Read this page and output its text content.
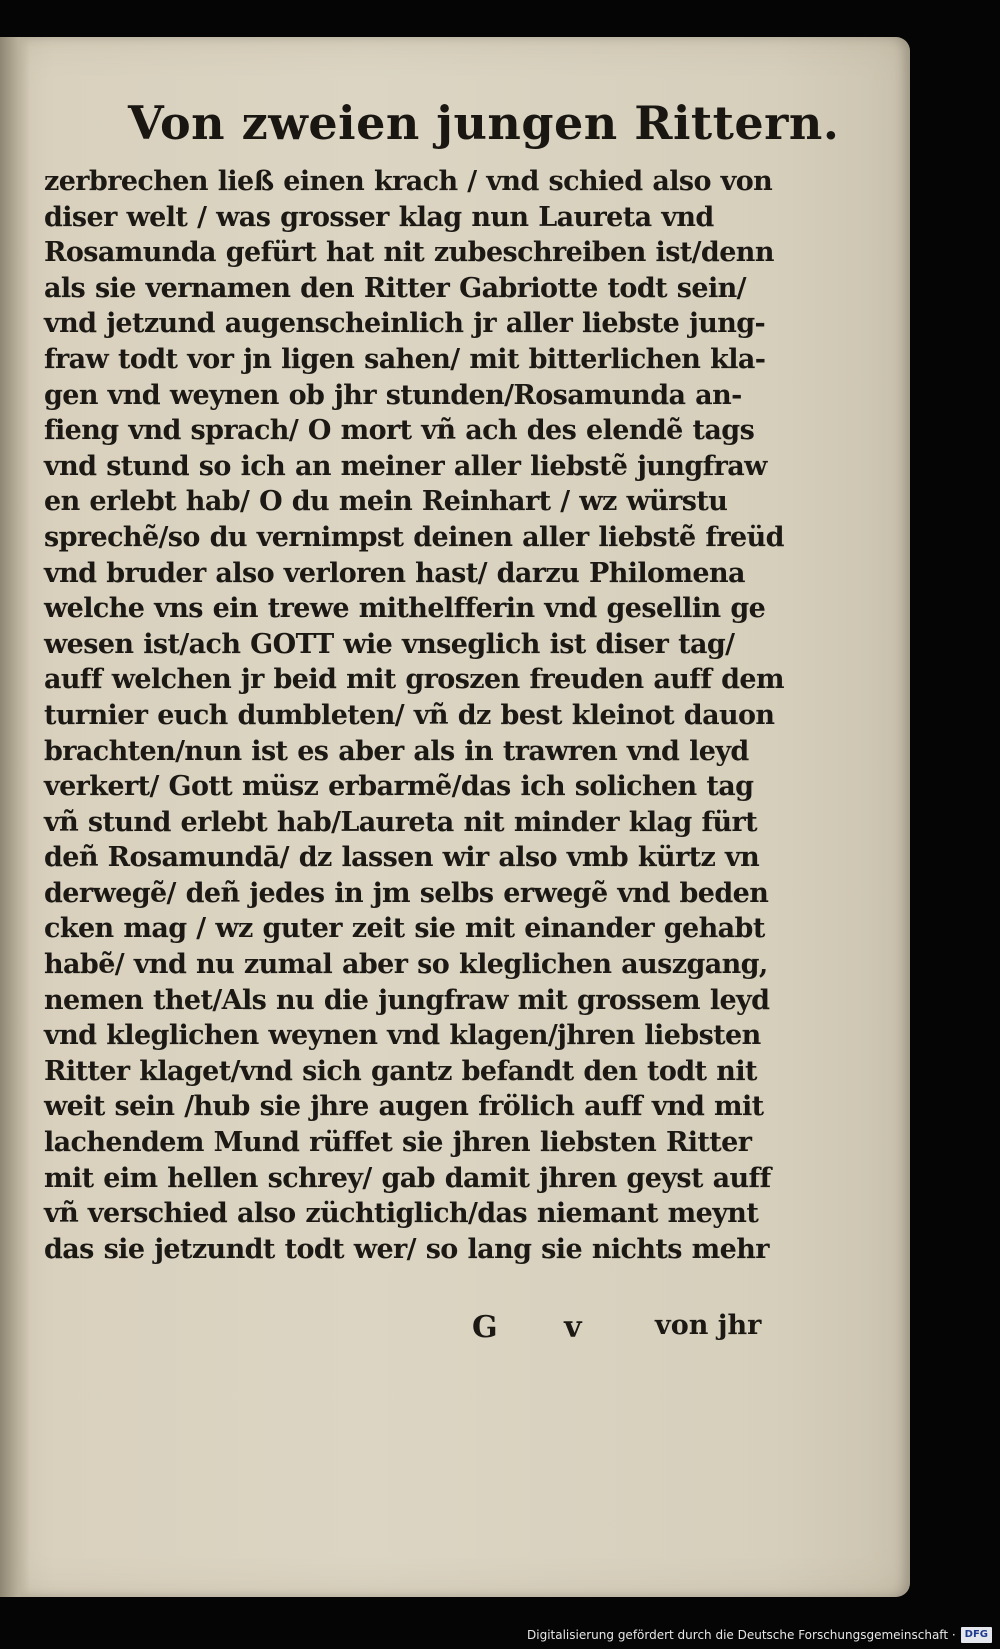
Von zweien jungen Rittern.
zerbrechen ließ einen krach / vnd schied also von
diser welt / was grosser klag nun Laureta vnd
Rosamunda gefürt hat nit zubeschreiben ist/denn
als sie vernamen den Ritter Gabriotte todt sein/
vnd jetzund augenscheinlich jr aller liebste jung-
fraw todt vor jn ligen sahen/ mit bitterlichen kla-
gen vnd weynen ob jhr stunden/Rosamunda an-
fieng vnd sprach/ O mort vñ ach des elendẽ tags
vnd stund so ich an meiner aller liebstẽ jungfraw
en erlebt hab/ O du mein Reinhart / wz würstu
sprechẽ/so du vernimpst deinen aller liebstẽ freüd
vnd bruder also verloren hast/ darzu Philomena
welche vns ein trewe mithelfferin vnd gesellin ge
wesen ist/ach GOTT wie vnseglich ist diser tag/
auff welchen jr beid mit groszen freuden auff dem
turnier euch dumbleten/ vñ dz best kleinot dauon
brachten/nun ist es aber als in trawren vnd leyd
verkert/ Gott müsz erbarmẽ/das ich solichen tag
vñ stund erlebt hab/Laureta nit minder klag fürt
deñ Rosamundā/ dz lassen wir also vmb kürtz vn
derwegẽ/ deñ jedes in jm selbs erwegẽ vnd beden
cken mag / wz guter zeit sie mit einander gehabt
habẽ/ vnd nu zumal aber so kleglichen auszgang,
nemen thet/Als nu die jungfraw mit grossem leyd
vnd kleglichen weynen vnd klagen/jhren liebsten
Ritter klaget/vnd sich gantz befandt den todt nit
weit sein /hub sie jhre augen frölich auff vnd mit
lachendem Mund rüffet sie jhren liebsten Ritter
mit eim hellen schrey/ gab damit jhren geyst auff
vñ verschied also züchtiglich/das niemant meynt
das sie jetzundt todt wer/ so lang sie nichts mehr
G v von jhr
Digitalisierung gefördert durch die Deutsche Forschungsgemeinschaft · DFG
